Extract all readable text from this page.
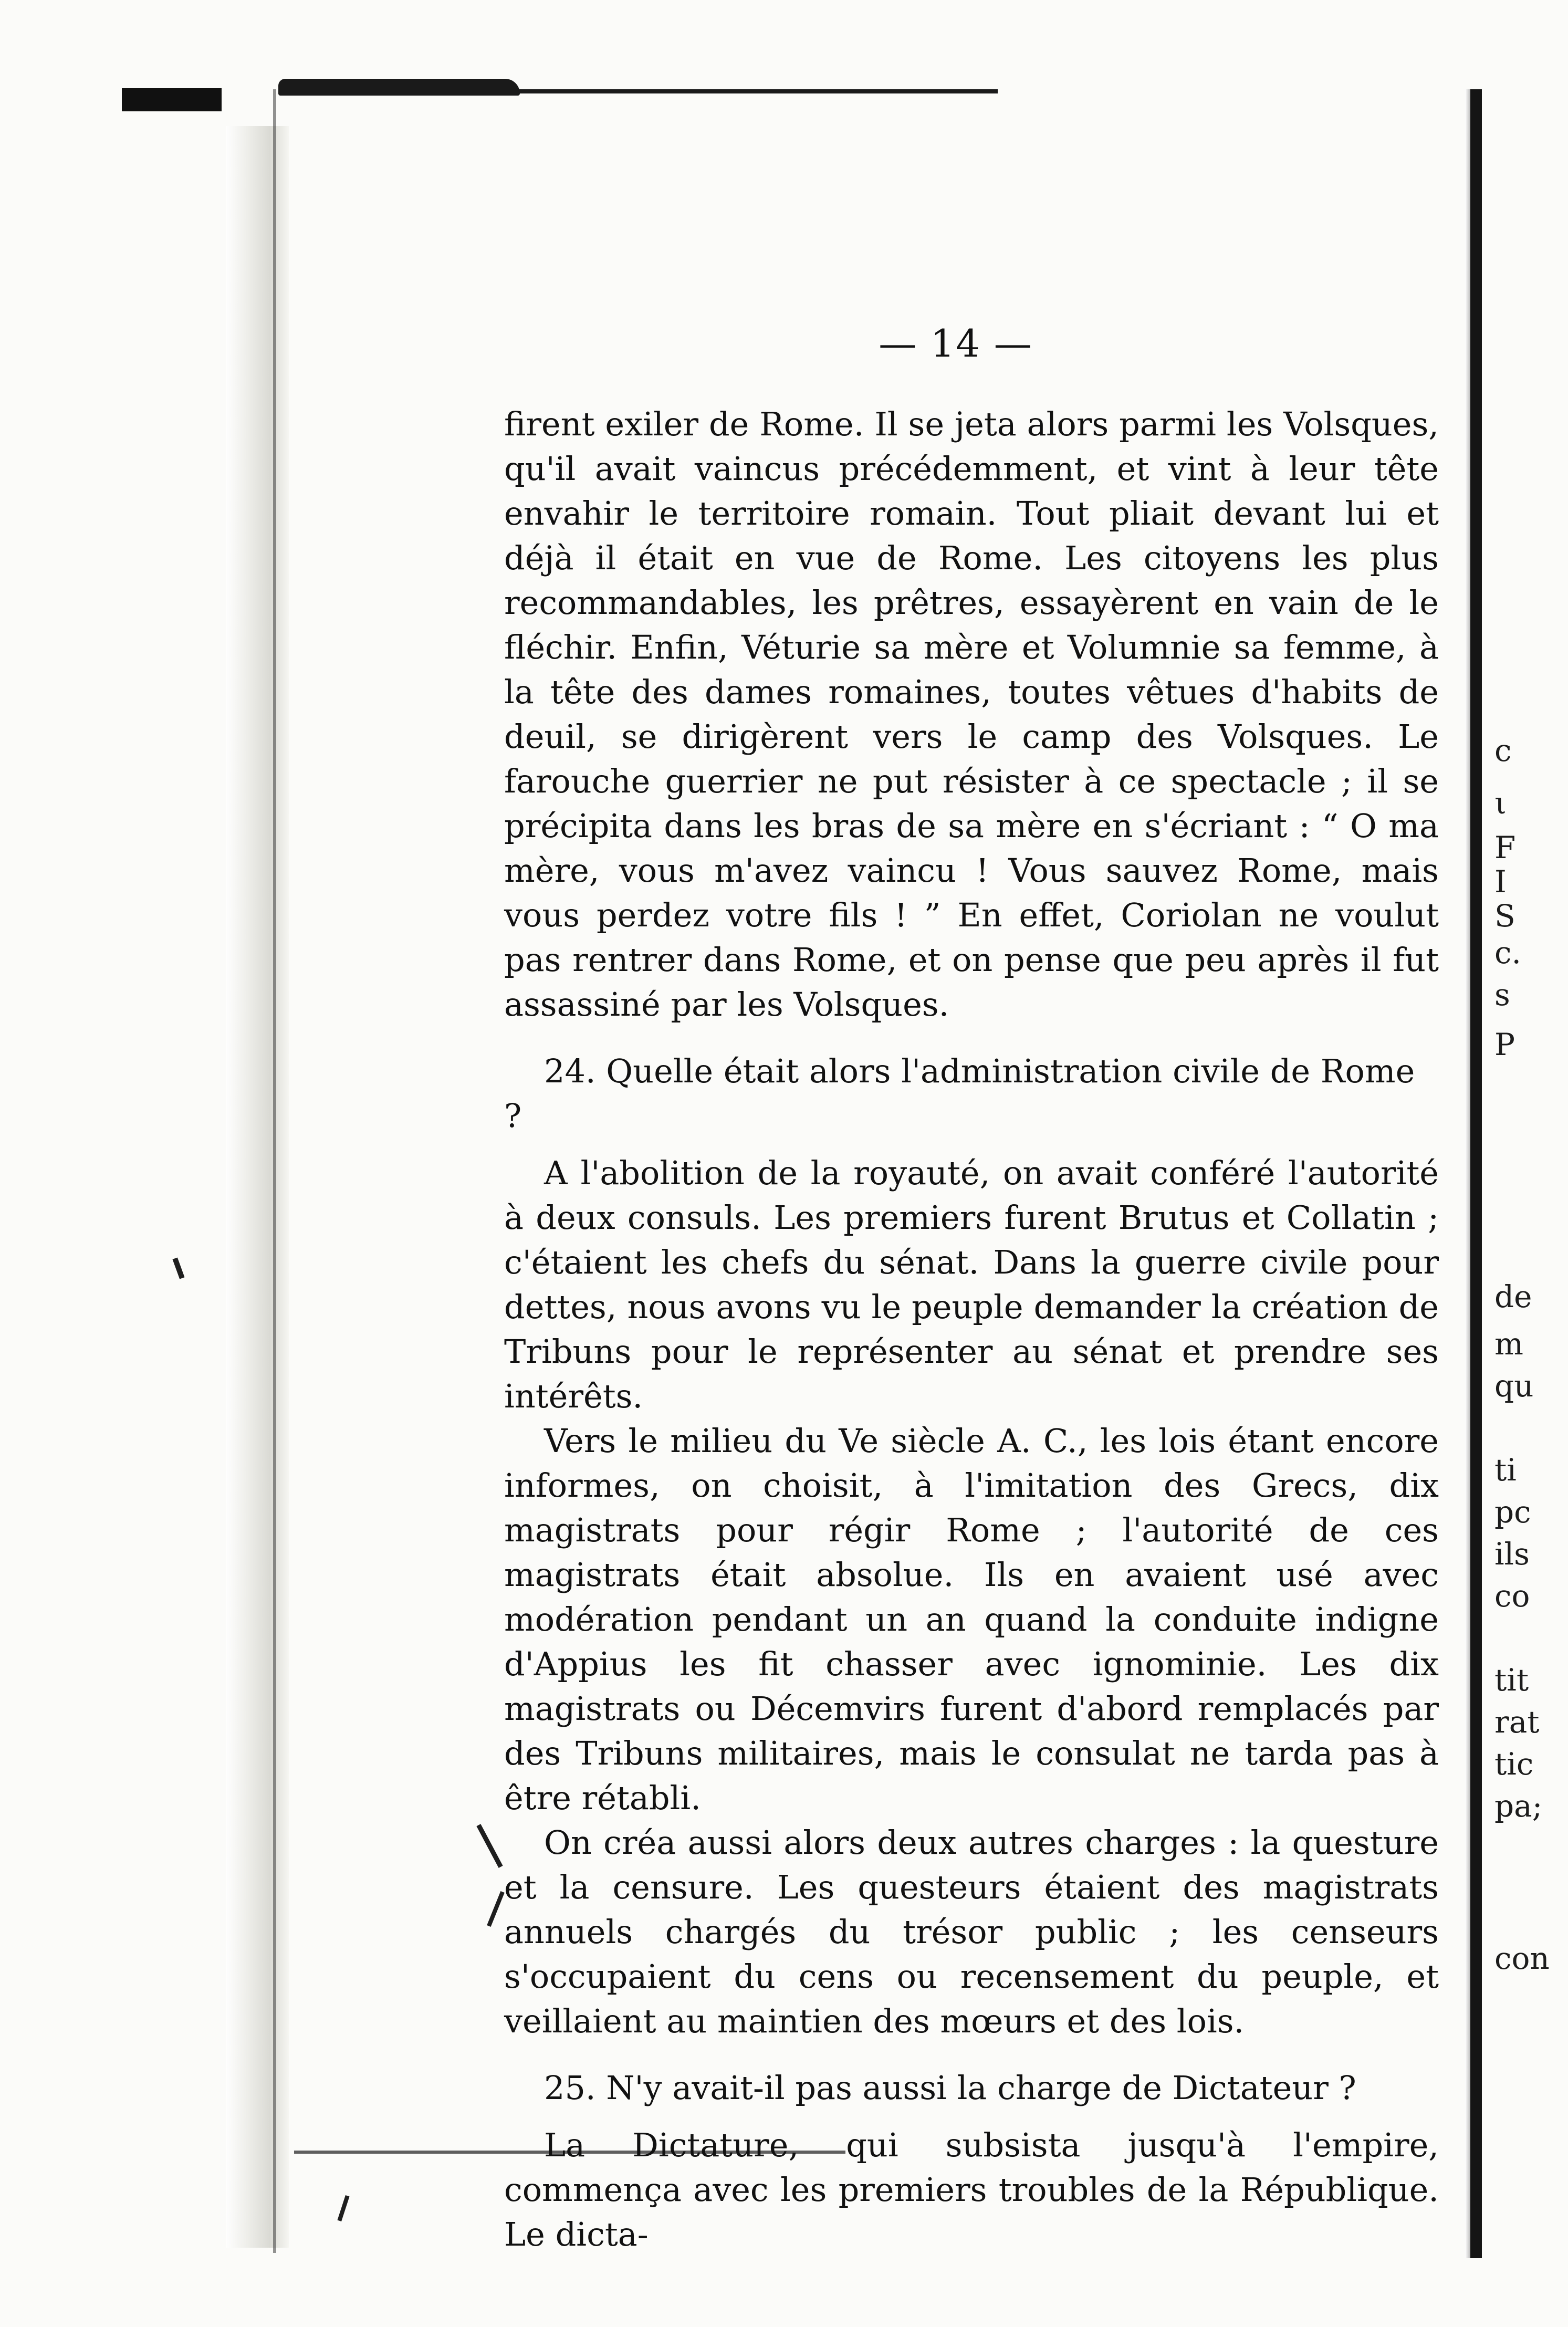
— 14 —

firent exiler de Rome. Il se jeta alors parmi les Volsques, qu'il avait vaincus précédemment, et vint à leur tête envahir le territoire romain. Tout pliait devant lui et déjà il était en vue de Rome. Les citoyens les plus recommandables, les prêtres, essayèrent en vain de le fléchir. Enfin, Véturie sa mère et Volumnie sa femme, à la tête des dames romaines, toutes vêtues d'habits de deuil, se dirigèrent vers le camp des Volsques. Le farouche guerrier ne put résister à ce spectacle ; il se précipita dans les bras de sa mère en s'écriant : “ O ma mère, vous m'avez vaincu ! Vous sauvez Rome, mais vous perdez votre fils ! ” En effet, Coriolan ne voulut pas rentrer dans Rome, et on pense que peu après il fut assassiné par les Volsques.

24. Quelle était alors l'administration civile de Rome ?

A l'abolition de la royauté, on avait conféré l'autorité à deux consuls. Les premiers furent Brutus et Collatin ; c'étaient les chefs du sénat. Dans la guerre civile pour dettes, nous avons vu le peuple demander la création de Tribuns pour le représenter au sénat et prendre ses intérêts.

Vers le milieu du Ve siècle A. C., les lois étant encore informes, on choisit, à l'imitation des Grecs, dix magistrats pour régir Rome ; l'autorité de ces magistrats était absolue. Ils en avaient usé avec modération pendant un an quand la conduite indigne d'Appius les fit chasser avec ignominie. Les dix magistrats ou Décemvirs furent d'abord remplacés par des Tribuns militaires, mais le consulat ne tarda pas à être rétabli.

On créa aussi alors deux autres charges : la questure et la censure. Les questeurs étaient des magistrats annuels chargés du trésor public ; les censeurs s'occupaient du cens ou recensement du peuple, et veillaient au maintien des mœurs et des lois.

25. N'y avait-il pas aussi la charge de Dictateur ?

La Dictature, qui subsista jusqu'à l'empire, commença avec les premiers troubles de la République. Le dicta-

c
ι
F
I
S
c.
s
P
de
m
qu
ti
pc
ils
co
tit
rat
tic
pa;
con
